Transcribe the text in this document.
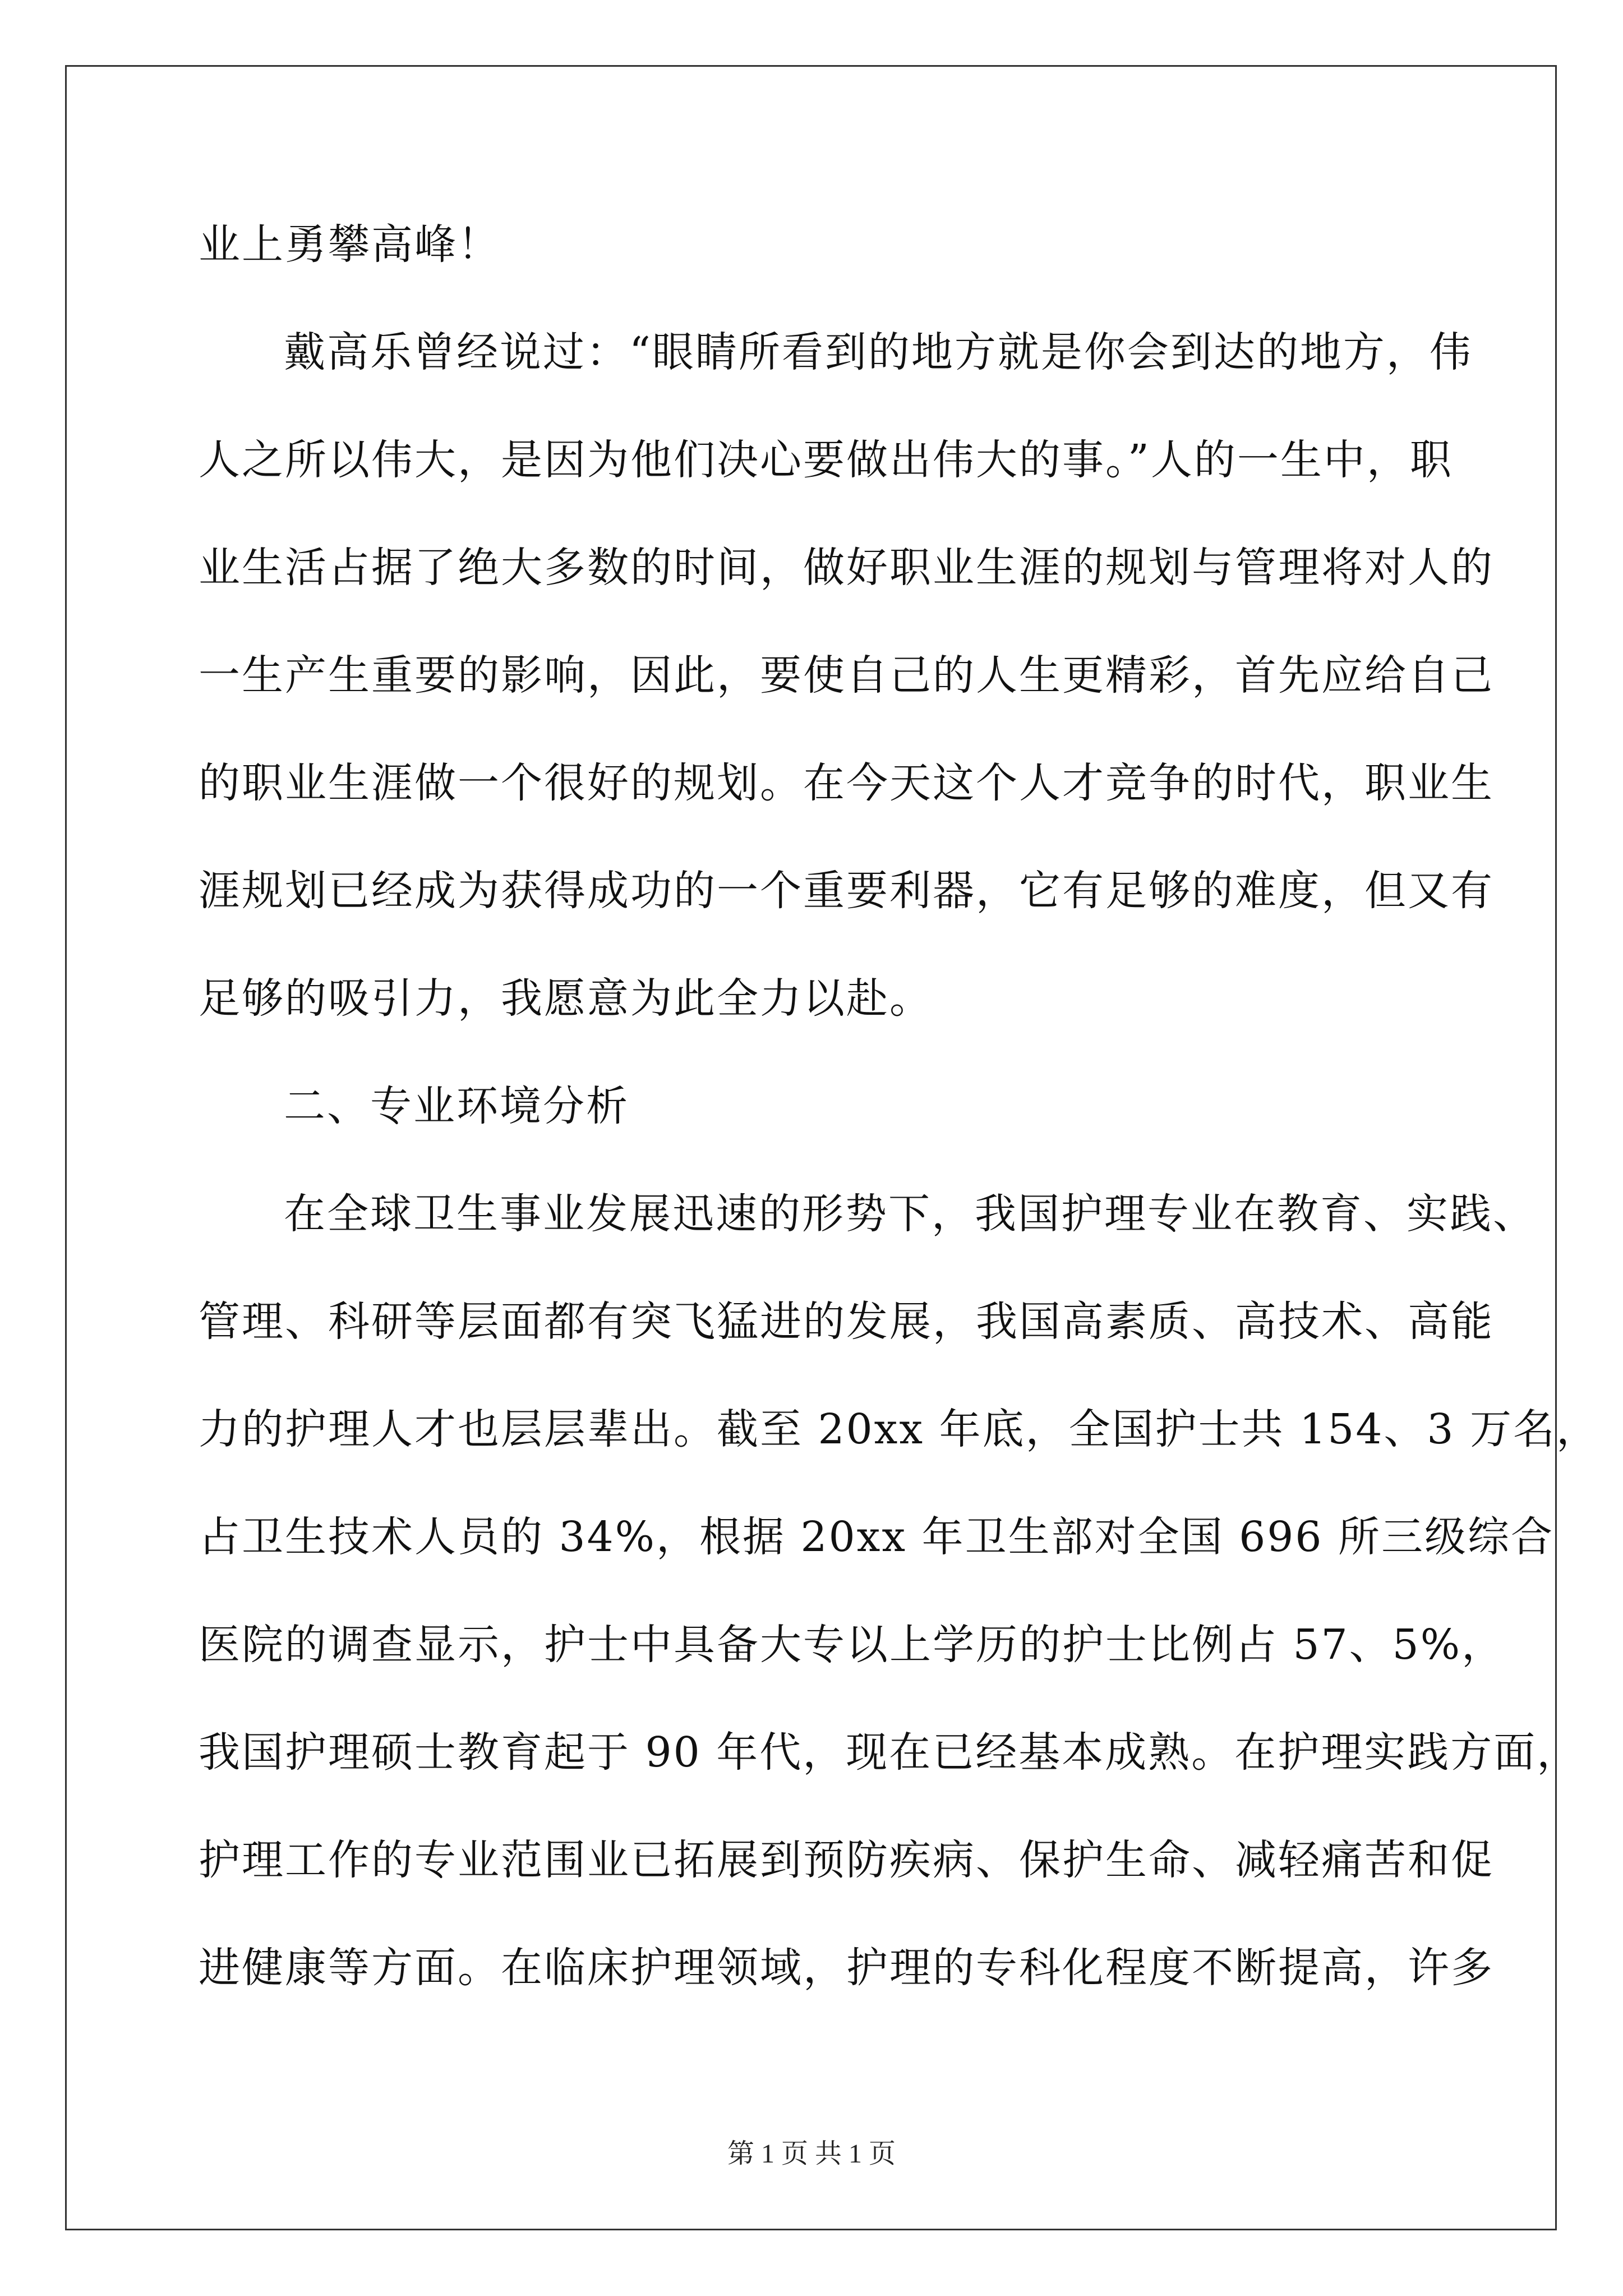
业上勇攀高峰！
戴高乐曾经说过：“眼睛所看到的地方就是你会到达的地方，伟
人之所以伟大，是因为他们决心要做出伟大的事。”人的一生中，职
业生活占据了绝大多数的时间，做好职业生涯的规划与管理将对人的
一生产生重要的影响，因此，要使自己的人生更精彩，首先应给自己
的职业生涯做一个很好的规划。在今天这个人才竞争的时代，职业生
涯规划已经成为获得成功的一个重要利器，它有足够的难度，但又有
足够的吸引力，我愿意为此全力以赴。
二、专业环境分析
在全球卫生事业发展迅速的形势下，我国护理专业在教育、实践、
管理、科研等层面都有突飞猛进的发展，我国高素质、高技术、高能
力的护理人才也层层辈出。截至 20xx 年底，全国护士共 154、3 万名，
占卫生技术人员的 34%，根据 20xx 年卫生部对全国 696 所三级综合
医院的调查显示，护士中具备大专以上学历的护士比例占 57、5%，
我国护理硕士教育起于 90 年代，现在已经基本成熟。在护理实践方面，
护理工作的专业范围业已拓展到预防疾病、保护生命、减轻痛苦和促
进健康等方面。在临床护理领域，护理的专科化程度不断提高，许多
第 1 页 共 1 页
